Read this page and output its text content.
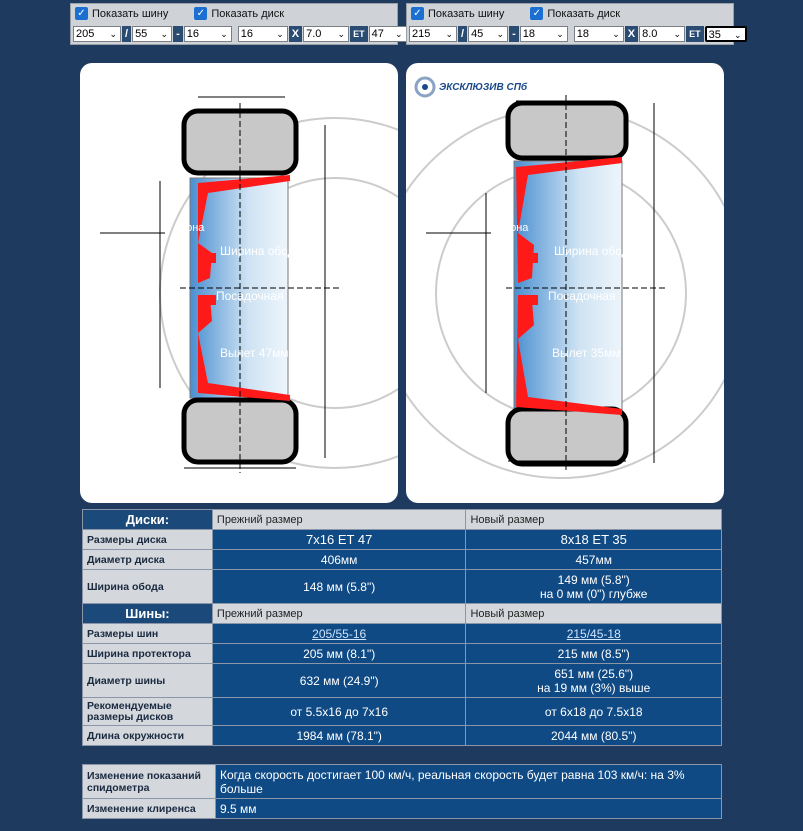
✓ Показать шину	✓ Показать диск
205 ⌄ / 55 ⌄ - 16 ⌄ 16	⌄ X 7.0 ⌄ ET 47 ⌄
✓ Показать шину	✓ Показать диск
215 ⌄ / 45 ⌄ - 18 ⌄ 18	⌄ X 8.0 ⌄ ET 35 ⌄
рона
Ширина обода
Посадочная
Вылет 47мм
рона
Ширина обода
Посадочная
Вылет 35мм
ЭКСКЛЮЗИВ СПб
Диски:	Прежний размер	Новый размер
Размеры диска	7x16 ET 47	8x18 ET 35
Диаметр диска	406мм	457мм
Ширина обода	148 мм (5.8")	149 мм (5.8")
на 0 мм (0") глубже

Шины:	Прежний размер	Новый размер
Размеры шин	205/55-16	215/45-18
Ширина протектора	205 мм (8.1")	215 мм (8.5")
Диаметр шины	632 мм (24.9")	651 мм (25.6")
на 19 мм (3%) выше

Рекомендуемые размеры дисков	от 5.5x16 до 7x16	от 6x18 до 7.5x18
Длина окружности	1984 мм (78.1")	2044 мм (80.5")
Изменение показаний спидометра	Когда скорость достигает 100 км/ч, реальная скорость будет равна 103 км/ч: на 3% больше
Изменение клиренса	9.5 мм
